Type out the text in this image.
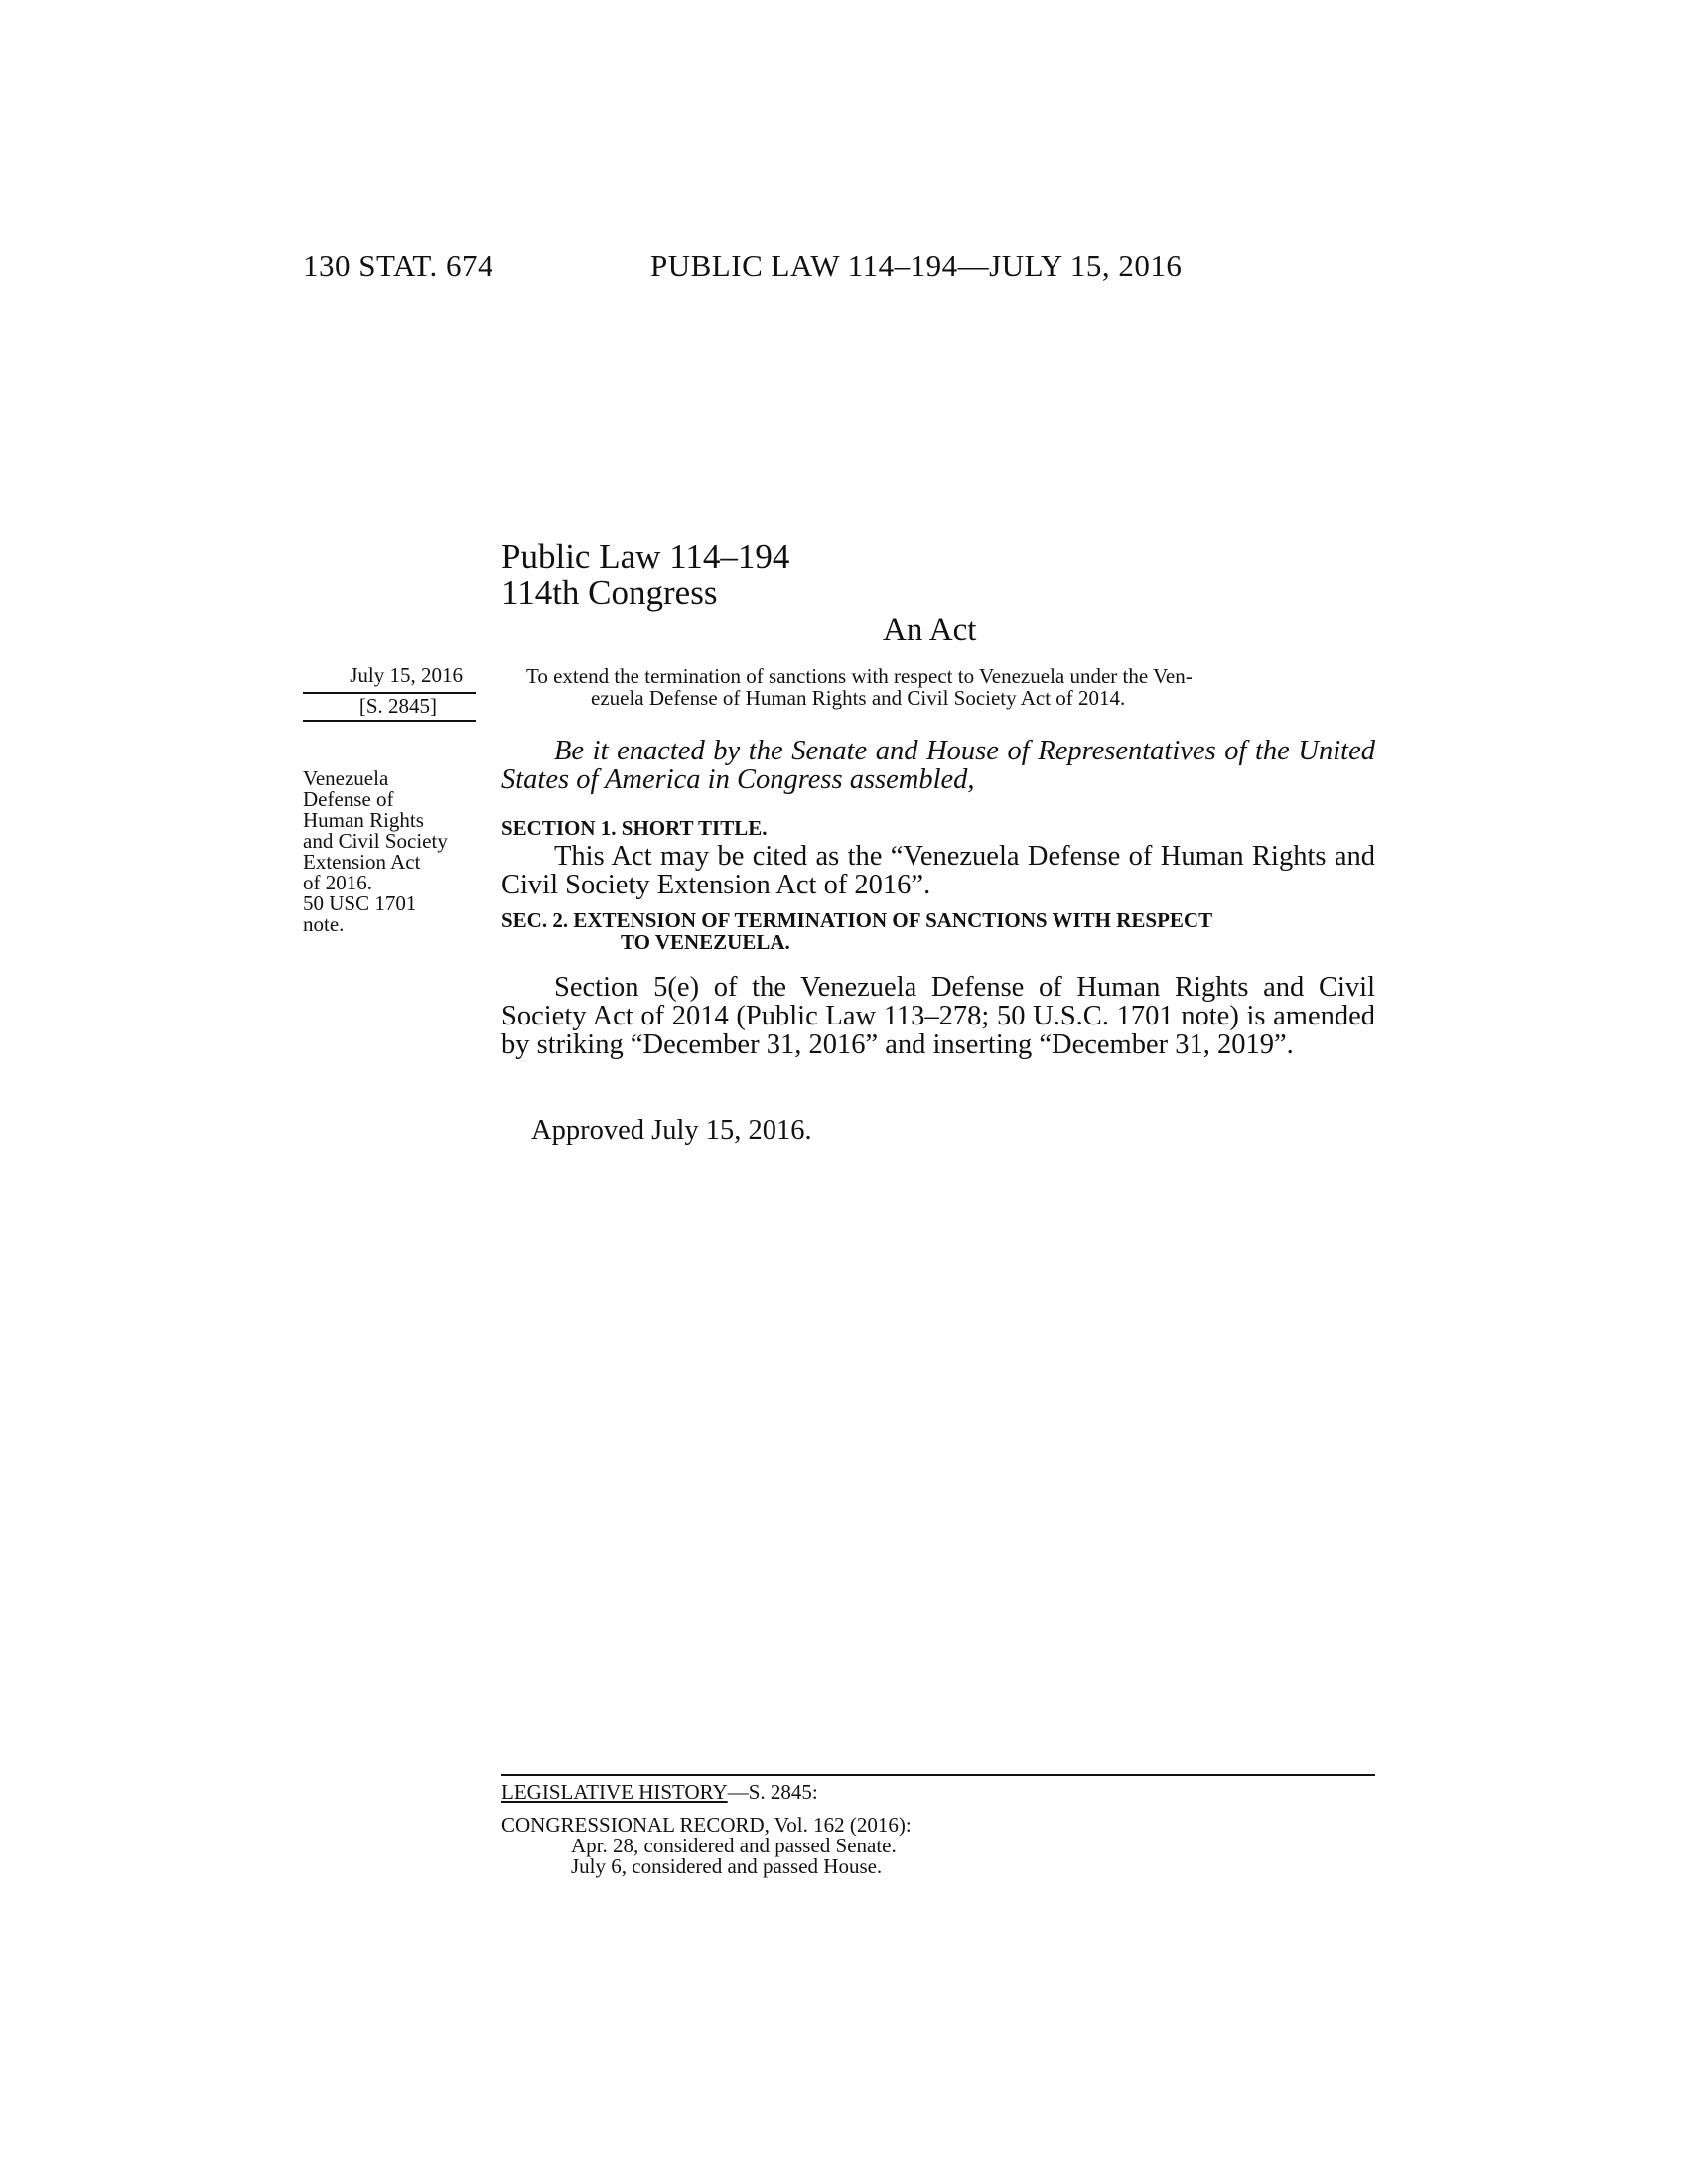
130 STAT. 674	PUBLIC LAW 114–194—JULY 15, 2016
Public Law 114–194
114th Congress
An Act
July 15, 2016
[S. 2845]
Venezuela
Defense of
Human Rights
and Civil Society
Extension Act
of 2016.
50 USC 1701
note.
To extend the termination of sanctions with respect to Venezuela under the Ven-
ezuela Defense of Human Rights and Civil Society Act of 2014.
Be it enacted by the Senate and House of Representatives of the United States of America in Congress assembled,
SECTION 1. SHORT TITLE.
This Act may be cited as the “Venezuela Defense of Human Rights and Civil Society Extension Act of 2016”.
SEC. 2. EXTENSION OF TERMINATION OF SANCTIONS WITH RESPECT
TO VENEZUELA.
Section 5(e) of the Venezuela Defense of Human Rights and Civil Society Act of 2014 (Public Law 113–278; 50 U.S.C. 1701 note) is amended by striking “December 31, 2016” and inserting “December 31, 2019”.
Approved July 15, 2016.
LEGISLATIVE HISTORY—S. 2845:
CONGRESSIONAL RECORD, Vol. 162 (2016):
Apr. 28, considered and passed Senate.
July 6, considered and passed House.
